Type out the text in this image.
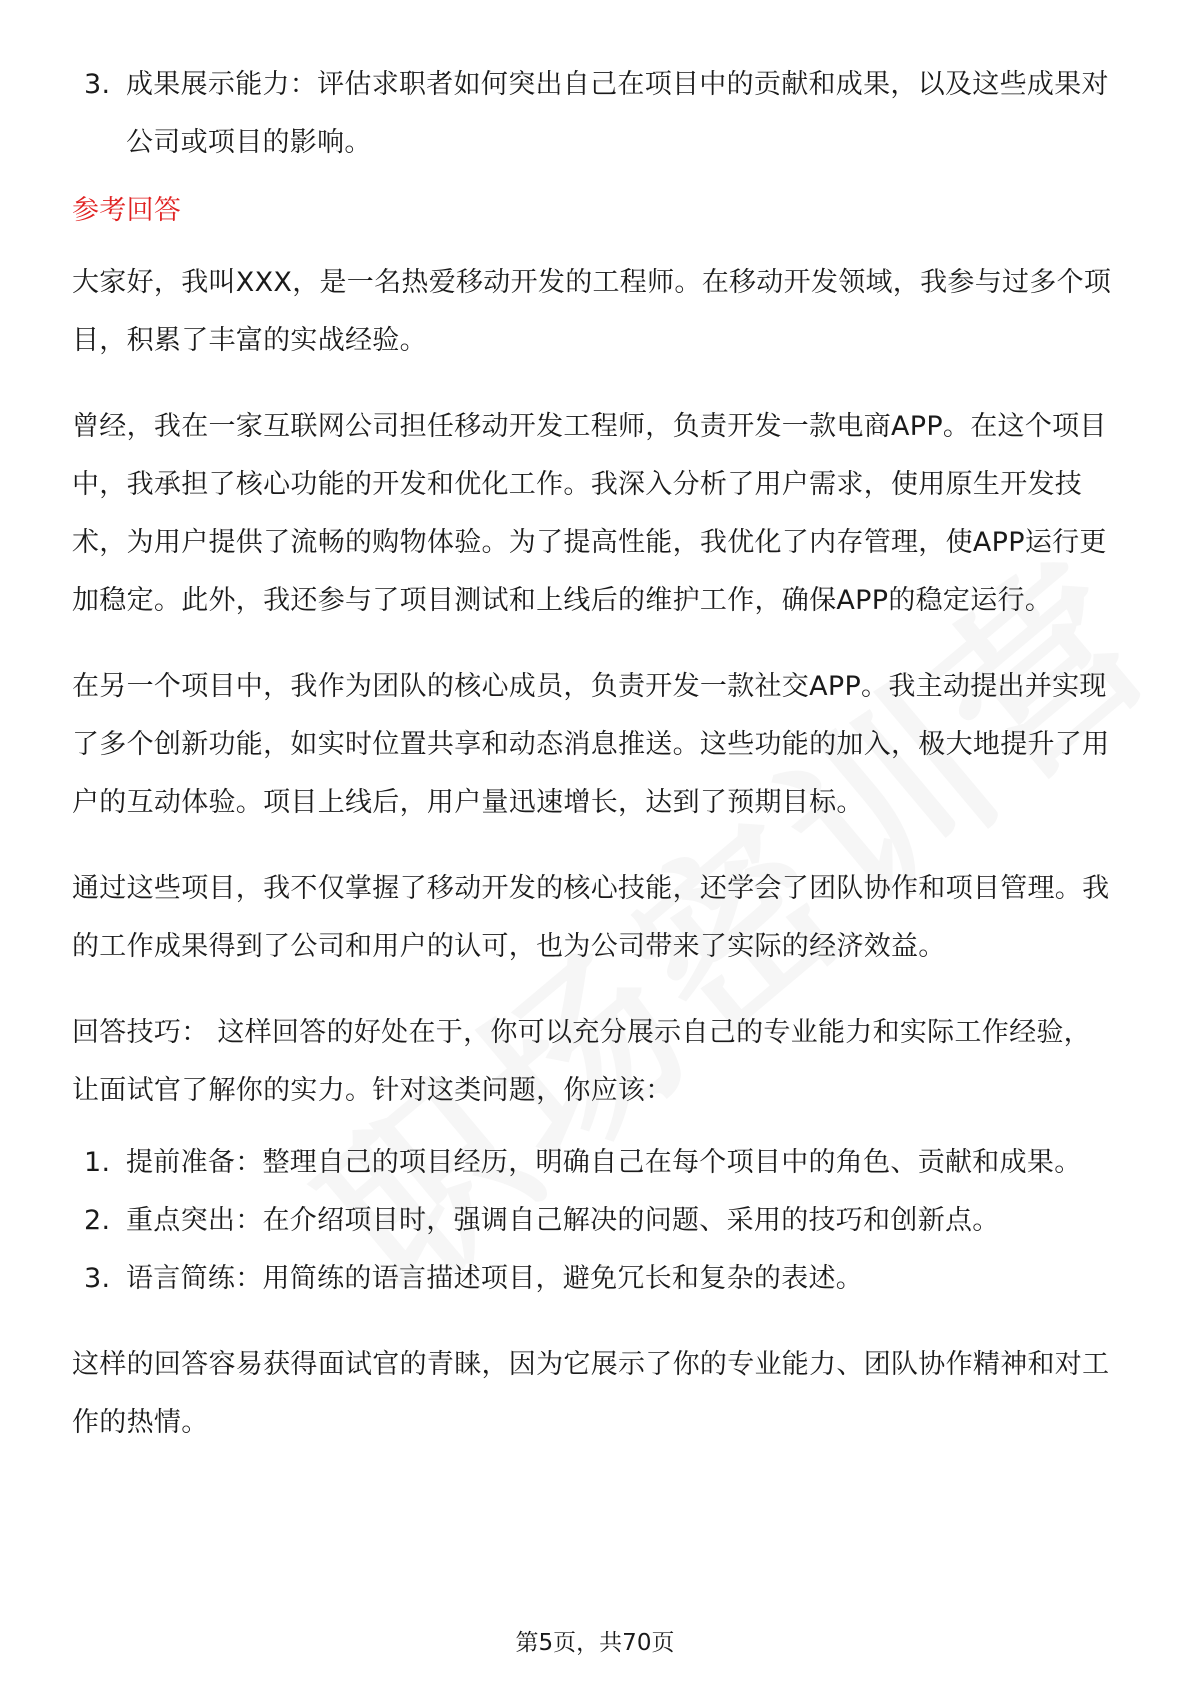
3. 成果展示能力：评估求职者如何突出自己在项目中的贡献和成果，以及这些成果对公司或项目的影响。
参考回答

大家好，我叫XXX，是一名热爱移动开发的工程师。在移动开发领域，我参与过多个项目，积累了丰富的实战经验。

曾经，我在一家互联网公司担任移动开发工程师，负责开发一款电商APP。在这个项目中，我承担了核心功能的开发和优化工作。我深入分析了用户需求，使用原生开发技术，为用户提供了流畅的购物体验。为了提高性能，我优化了内存管理，使APP运行更加稳定。此外，我还参与了项目测试和上线后的维护工作，确保APP的稳定运行。

在另一个项目中，我作为团队的核心成员，负责开发一款社交APP。我主动提出并实现了多个创新功能，如实时位置共享和动态消息推送。这些功能的加入，极大地提升了用户的互动体验。项目上线后，用户量迅速增长，达到了预期目标。

通过这些项目，我不仅掌握了移动开发的核心技能，还学会了团队协作和项目管理。我的工作成果得到了公司和用户的认可，也为公司带来了实际的经济效益。

回答技巧： 这样回答的好处在于，你可以充分展示自己的专业能力和实际工作经验，让面试官了解你的实力。针对这类问题，你应该：

1. 提前准备：整理自己的项目经历，明确自己在每个项目中的角色、贡献和成果。
2. 重点突出：在介绍项目时，强调自己解决的问题、采用的技巧和创新点。
3. 语言简练：用简练的语言描述项目，避免冗长和复杂的表述。

这样的回答容易获得面试官的青睐，因为它展示了你的专业能力、团队协作精神和对工作的热情。

第5页，共70页
